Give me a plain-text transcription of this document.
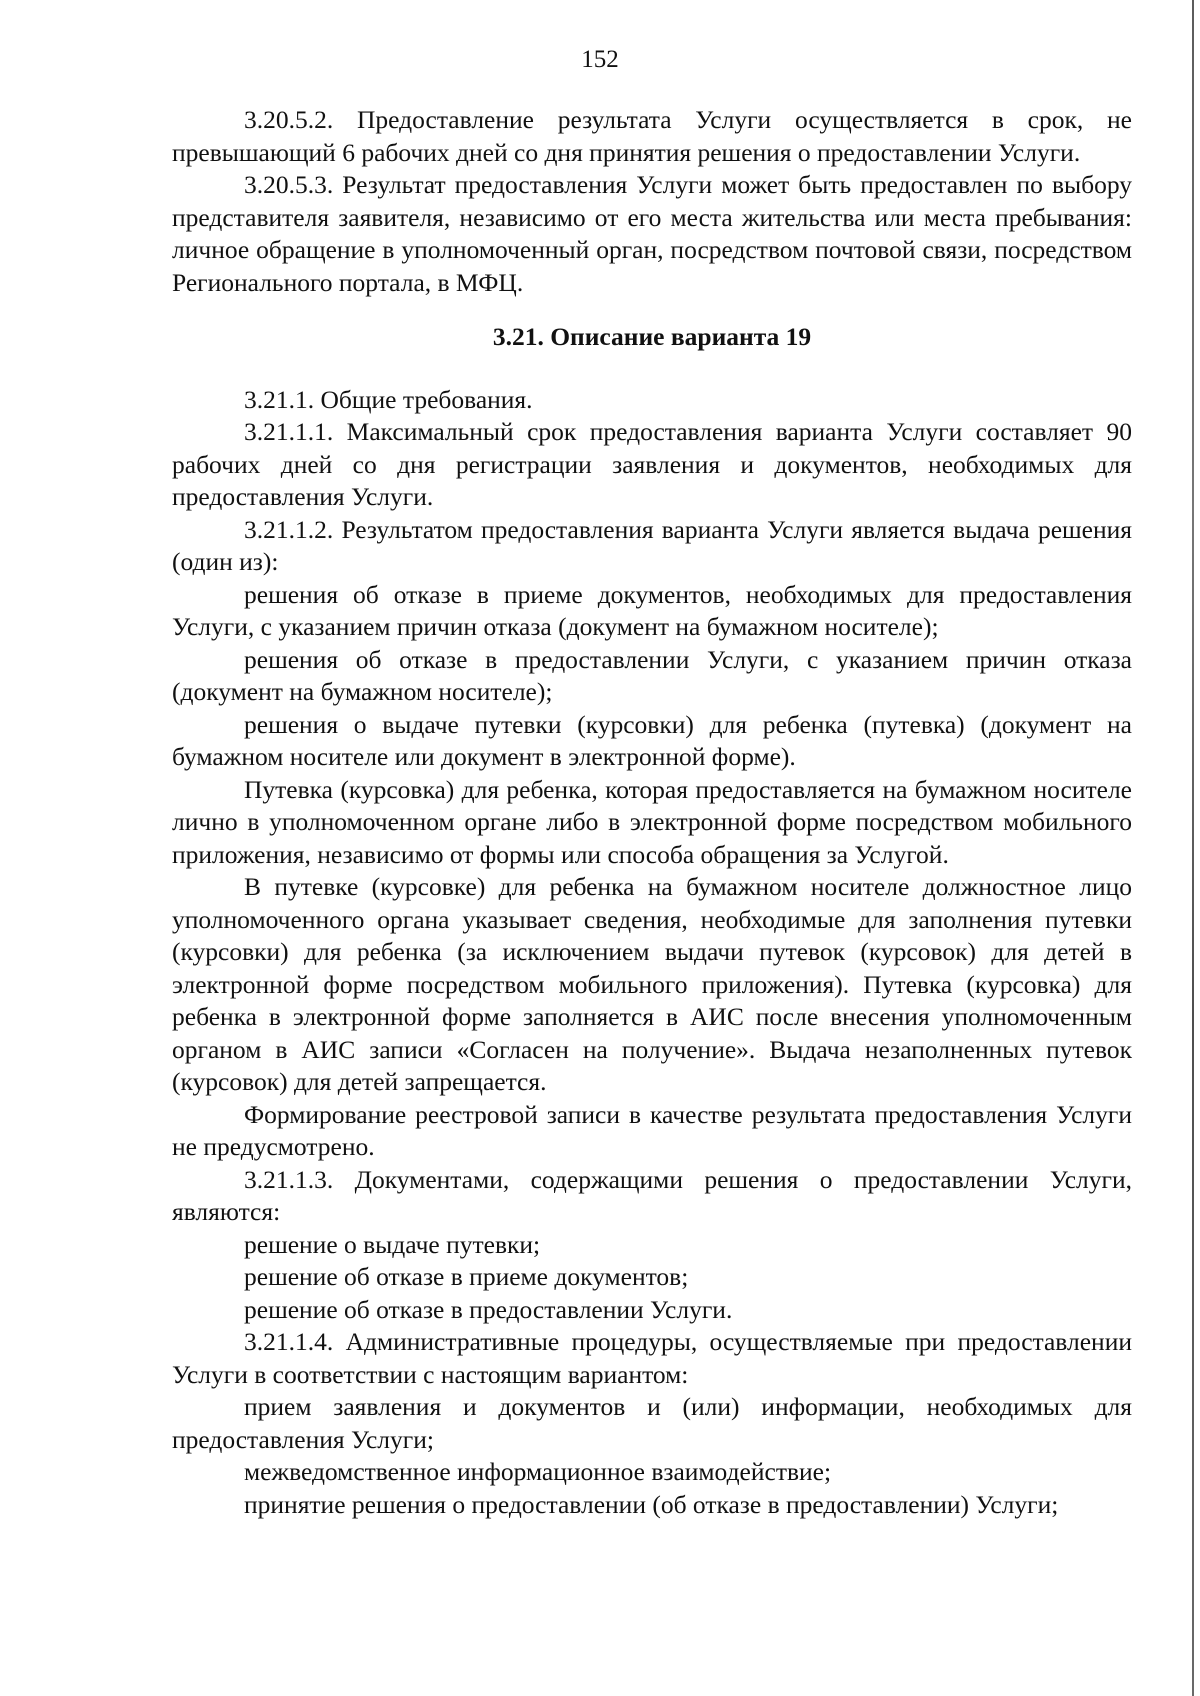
152

3.20.5.2. Предоставление результата Услуги осуществляется в срок, не превышающий 6 рабочих дней со дня принятия решения о предоставлении Услуги.

3.20.5.3. Результат предоставления Услуги может быть предоставлен по выбору представителя заявителя, независимо от его места жительства или места пребывания: личное обращение в уполномоченный орган, посредством почтовой связи, посредством Регионального портала, в МФЦ.

3.21. Описание варианта 19

3.21.1. Общие требования.

3.21.1.1. Максимальный срок предоставления варианта Услуги составляет 90 рабочих дней со дня регистрации заявления и документов, необходимых для предоставления Услуги.

3.21.1.2. Результатом предоставления варианта Услуги является выдача решения (один из):

решения об отказе в приеме документов, необходимых для предоставления Услуги, с указанием причин отказа (документ на бумажном носителе);

решения об отказе в предоставлении Услуги, с указанием причин отказа (документ на бумажном носителе);

решения о выдаче путевки (курсовки) для ребенка (путевка) (документ на бумажном носителе или документ в электронной форме).

Путевка (курсовка) для ребенка, которая предоставляется на бумажном носителе лично в уполномоченном органе либо в электронной форме посредством мобильного приложения, независимо от формы или способа обращения за Услугой.

В путевке (курсовке) для ребенка на бумажном носителе должностное лицо уполномоченного органа указывает сведения, необходимые для заполнения путевки (курсовки) для ребенка (за исключением выдачи путевок (курсовок) для детей в электронной форме посредством мобильного приложения). Путевка (курсовка) для ребенка в электронной форме заполняется в АИС после внесения уполномоченным органом в АИС записи «Согласен на получение». Выдача незаполненных путевок (курсовок) для детей запрещается.

Формирование реестровой записи в качестве результата предоставления Услуги не предусмотрено.

3.21.1.3. Документами, содержащими решения о предоставлении Услуги, являются:

решение о выдаче путевки;

решение об отказе в приеме документов;

решение об отказе в предоставлении Услуги.

3.21.1.4. Административные процедуры, осуществляемые при предоставлении Услуги в соответствии с настоящим вариантом:

прием заявления и документов и (или) информации, необходимых для предоставления Услуги;

межведомственное информационное взаимодействие;

принятие решения о предоставлении (об отказе в предоставлении) Услуги;
